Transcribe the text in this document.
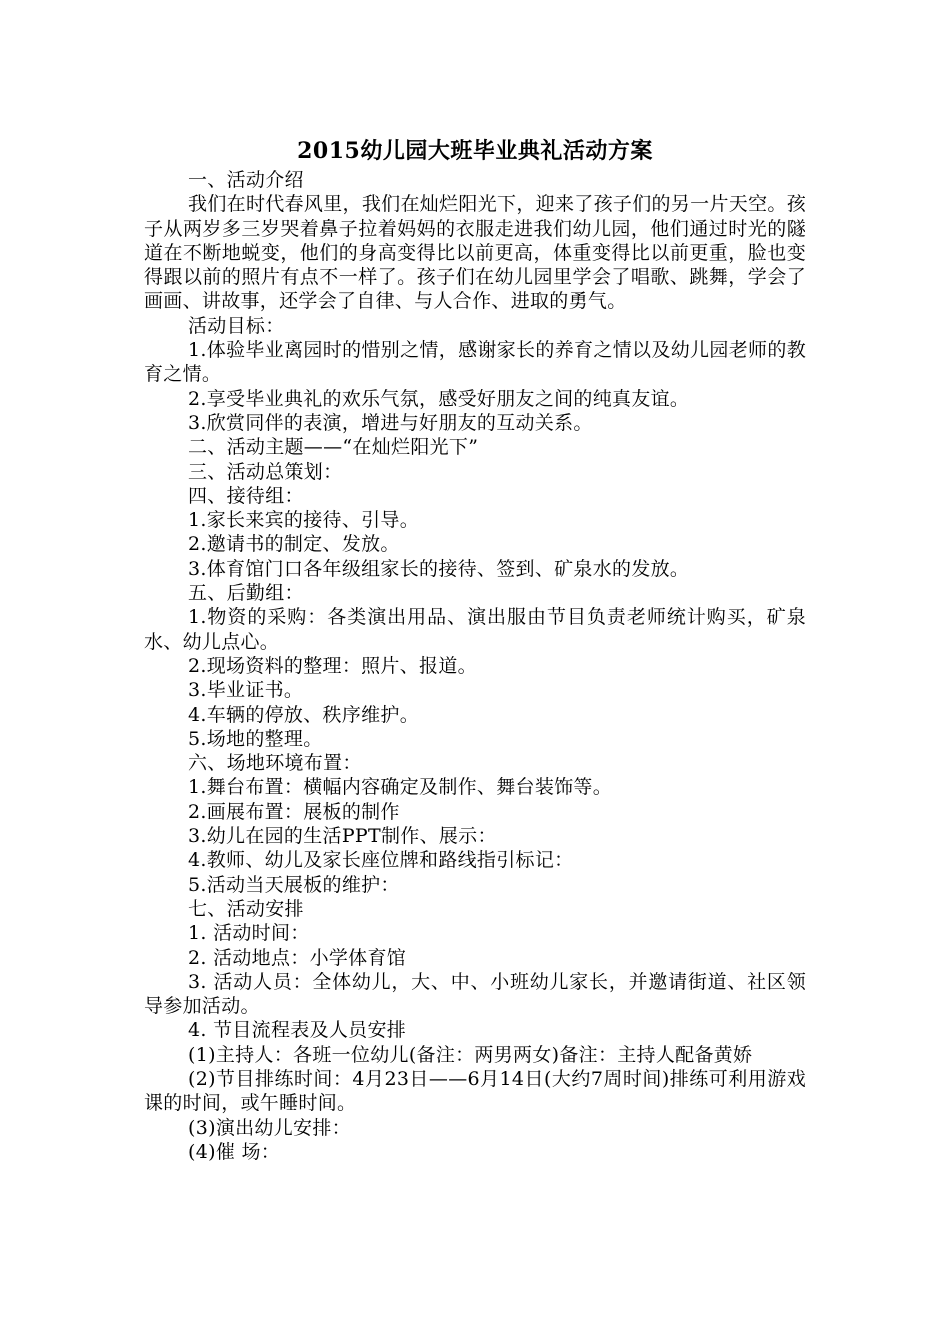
2015幼儿园大班毕业典礼活动方案

一、活动介绍

我们在时代春风里，我们在灿烂阳光下，迎来了孩子们的另一片天空。孩子从两岁多三岁哭着鼻子拉着妈妈的衣服走进我们幼儿园，他们通过时光的隧道在不断地蜕变，他们的身高变得比以前更高，体重变得比以前更重，脸也变得跟以前的照片有点不一样了。孩子们在幼儿园里学会了唱歌、跳舞，学会了画画、讲故事，还学会了自律、与人合作、进取的勇气。

活动目标：

1.体验毕业离园时的惜别之情，感谢家长的养育之情以及幼儿园老师的教育之情。

2.享受毕业典礼的欢乐气氛，感受好朋友之间的纯真友谊。

3.欣赏同伴的表演，增进与好朋友的互动关系。

二、活动主题——“在灿烂阳光下”

三、活动总策划：

四、接待组：

1.家长来宾的接待、引导。

2.邀请书的制定、发放。

3.体育馆门口各年级组家长的接待、签到、矿泉水的发放。

五、后勤组：

1.物资的采购：各类演出用品、演出服由节目负责老师统计购买，矿泉水、幼儿点心。

2.现场资料的整理：照片、报道。

3.毕业证书。

4.车辆的停放、秩序维护。

5.场地的整理。

六、场地环境布置：

1.舞台布置：横幅内容确定及制作、舞台装饰等。

2.画展布置：展板的制作

3.幼儿在园的生活PPT制作、展示：

4.教师、幼儿及家长座位牌和路线指引标记：

5.活动当天展板的维护：

七、活动安排

1. 活动时间：

2. 活动地点：小学体育馆

3. 活动人员：全体幼儿，大、中、小班幼儿家长，并邀请街道、社区领导参加活动。

4. 节目流程表及人员安排

(1)主持人：各班一位幼儿(备注：两男两女)备注：主持人配备黄娇

(2)节目排练时间：4月23日——6月14日(大约7周时间)排练可利用游戏课的时间，或午睡时间。

(3)演出幼儿安排：

(4)催 场：
